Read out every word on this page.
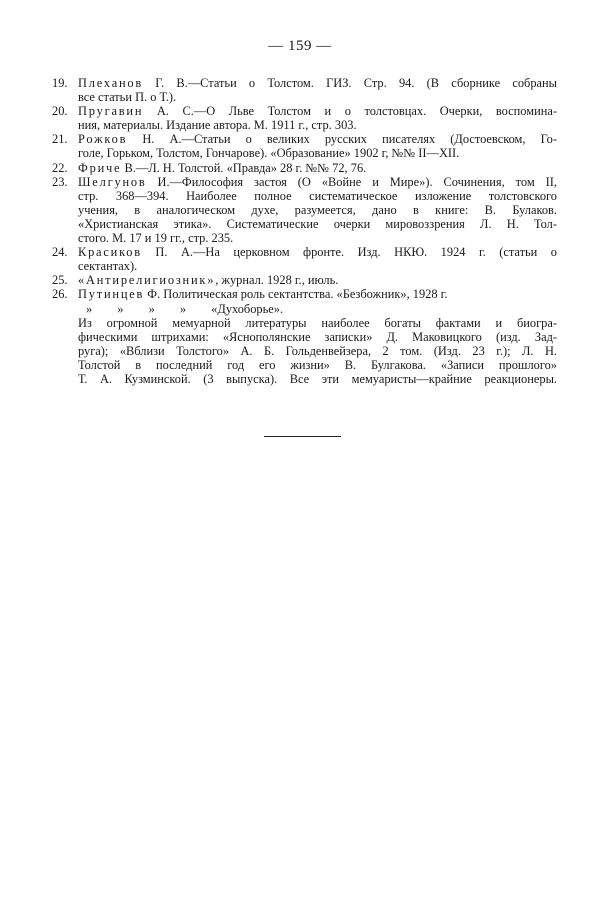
— 159 —
19. Плеханов Г. В.—Статьи о Толстом. ГИЗ. Стр. 94. (В сборнике собраны
все статьи П. о Т.).
20. Пругавин А. С.—О Льве Толстом и о толстовцах. Очерки, воспомина-
ния, материалы. Издание автора. М. 1911 г., стр. 303.
21. Рожков Н. А.—Статьи о великих русских писателях (Достоевском, Го-
голе, Горьком, Толстом, Гончарове). «Образование» 1902 г, №№ II—XII.
22. Фриче В.—Л. Н. Толстой. «Правда» 28 г. №№ 72, 76.
23. Шелгунов И.—Философия застоя (О «Войне и Мире»). Сочинения, том II,
стр. 368—394. Наиболее полное систематическое изложение толстовского
учения, в аналогическом духе, разумеется, дано в книге: В. Булаков.
«Христианская этика». Систематические очерки мировоззрения Л. Н. Тол-
стого. М. 17 и 19 гг., стр. 235.
24. Красиков П. А.—На церковном фронте. Изд. НКЮ. 1924 г. (статьи о
сектантах).
25. «Антирелигиозник», журнал. 1928 г., июль.
26. Путинцев Ф. Политическая роль сектантства. «Безбожник», 1928 г.
» » » » «Духоборье».
Из огромной мемуарной литературы наиболее богаты фактами и биогра-
фическими штрихами: «Яснополянские записки» Д. Маковицкого (изд. Зад-
руга); «Вблизи Толстого» А. Б. Гольденвейзера, 2 том. (Изд. 23 г.); Л. Н.
Толстой в последний год его жизни» В. Булгакова. «Записи прошлого»
Т. А. Кузминской. (3 выпуска). Все эти мемуаристы—крайние реакционеры.
